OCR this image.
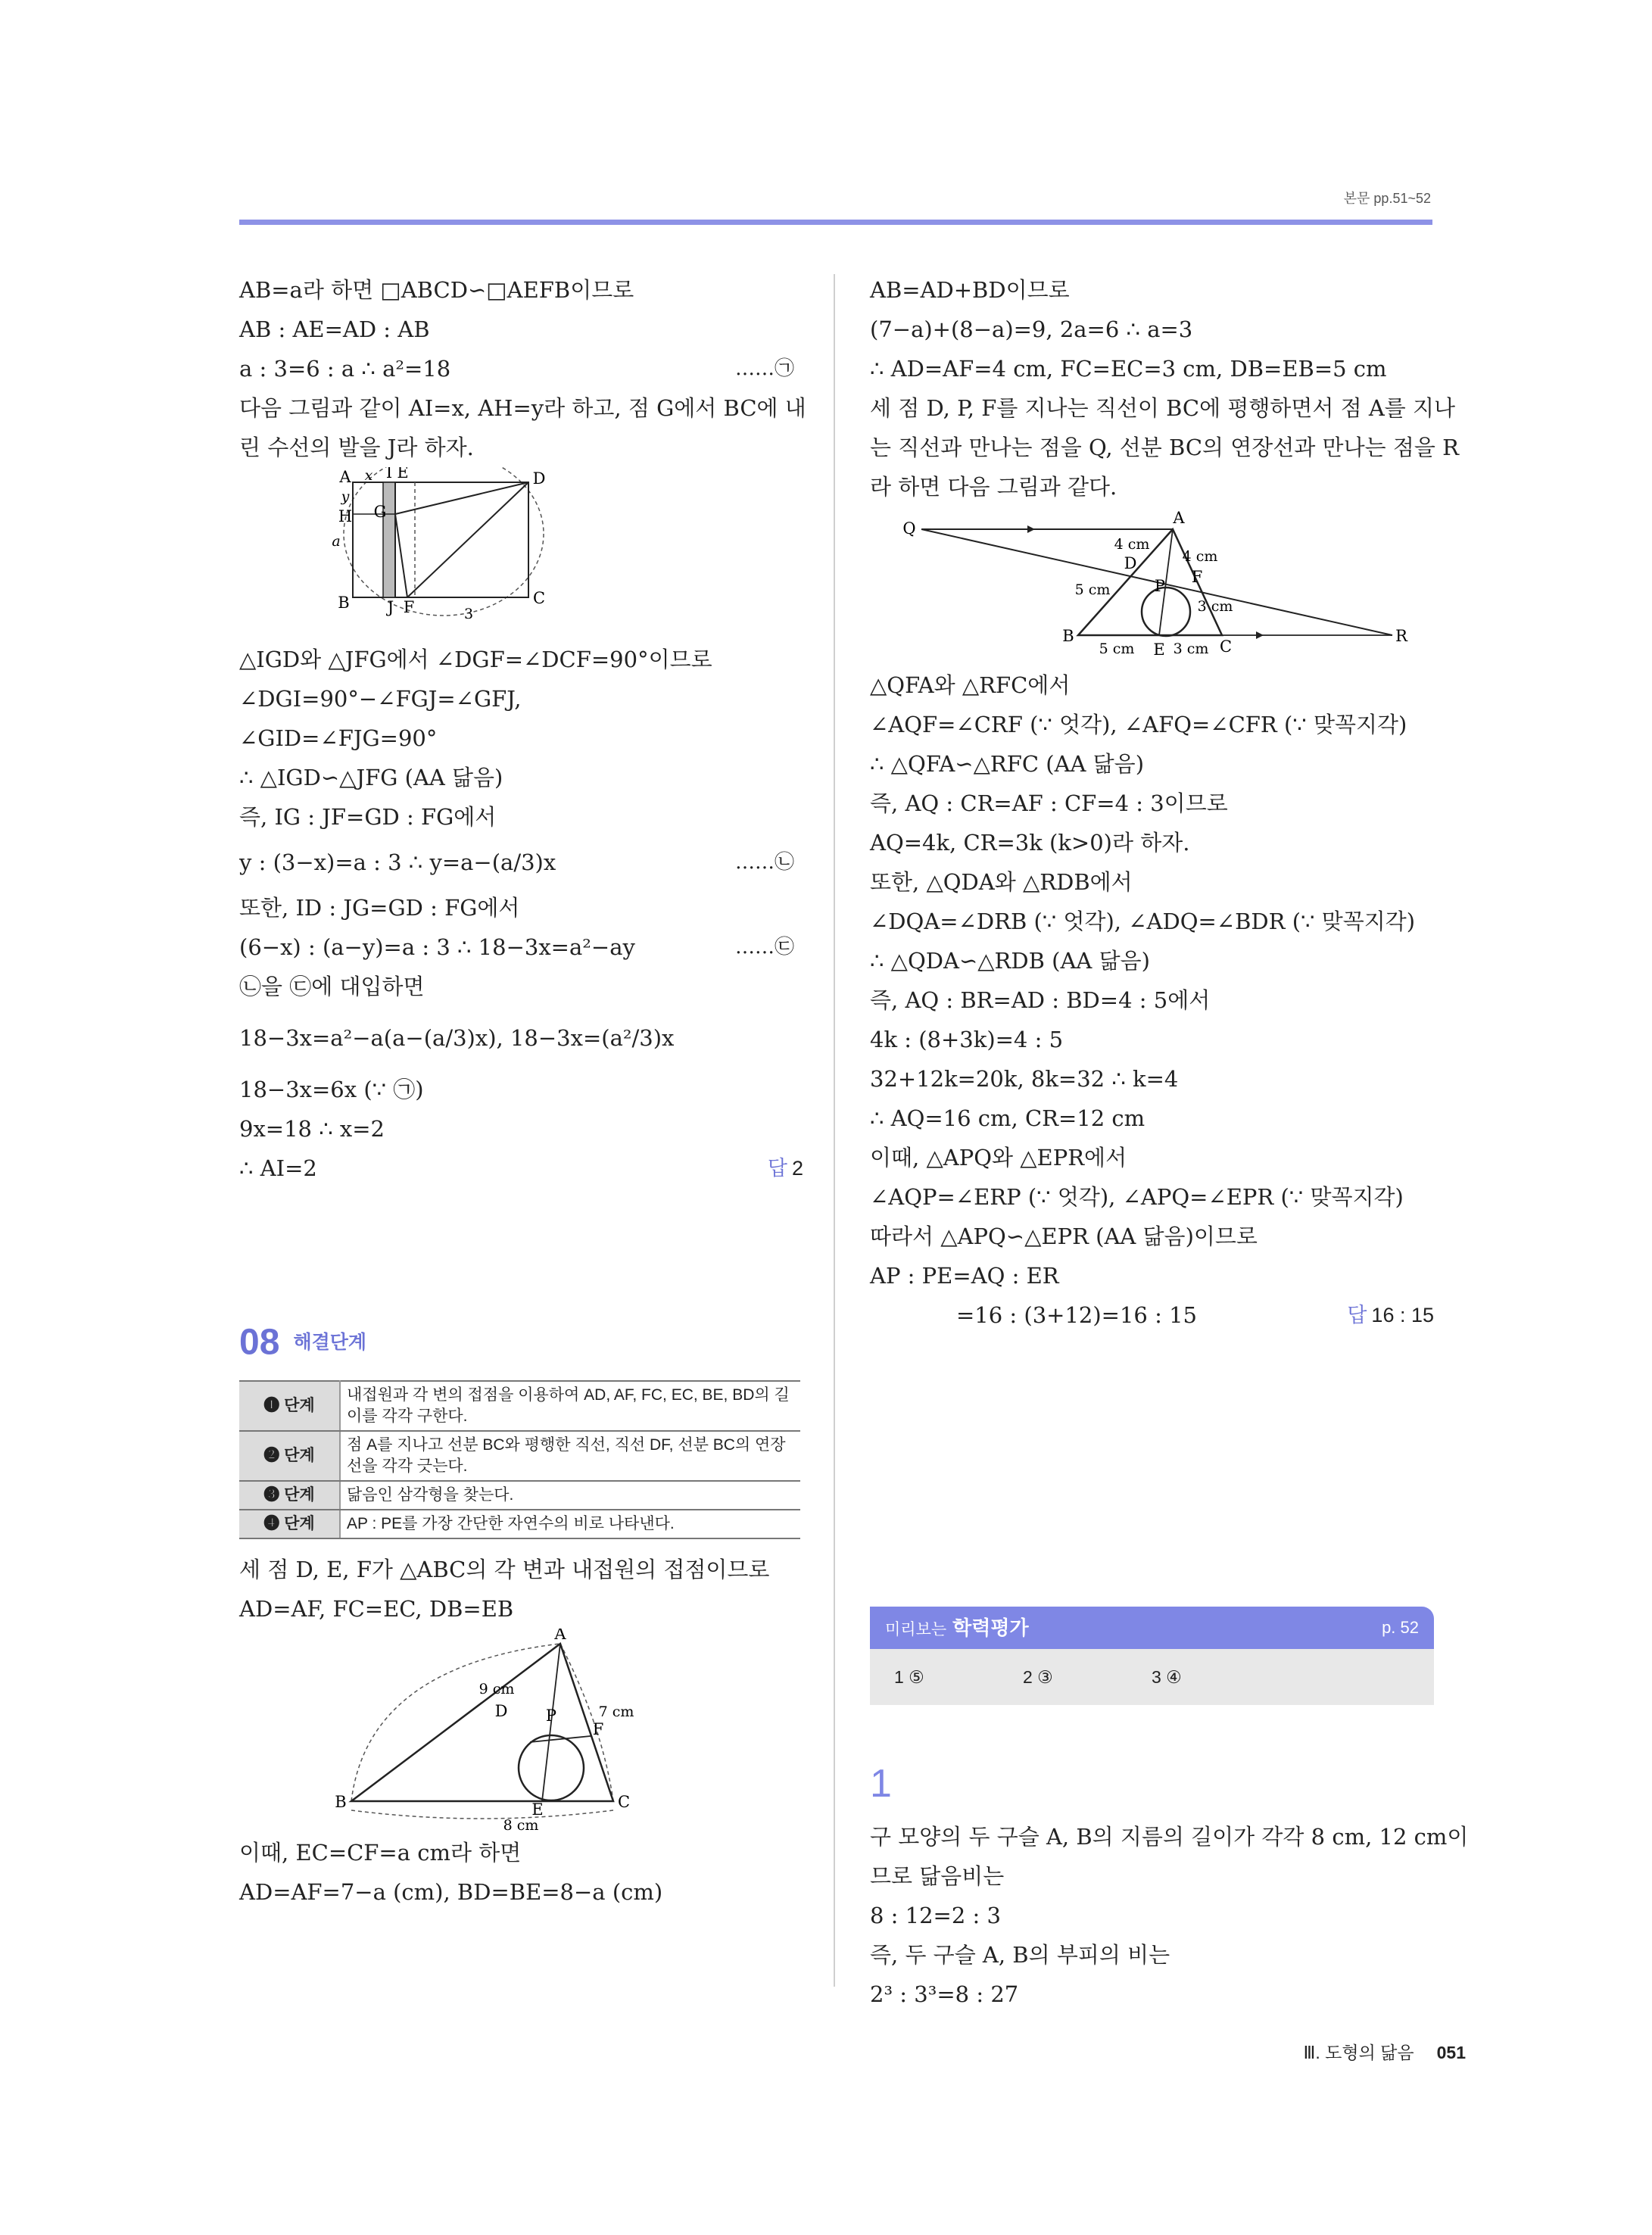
본문 pp.51~52
AB=a라 하면 □ABCD∽□AEFB이므로
AB : AE=AD : AB
a : 3=6 : a ∴ a²=18	……㉠
다음 그림과 같이 AI=x, AH=y라 하고, 점 G에서 BC에 내
린 수선의 발을 J라 하자.
A x I E	D
y
G
H
a
B J F	3
C
△IGD와 △JFG에서 ∠DGF=∠DCF=90°이므로
∠DGI=90°−∠FGJ=∠GFJ,
∠GID=∠FJG=90°
∴ △IGD∽△JFG (AA 닮음)
즉, IG : JF=GD : FG에서
y : (3−x)=a : 3 ∴ y=a−(a/3)x	……㉡
또한, ID : JG=GD : FG에서
(6−x) : (a−y)=a : 3 ∴ 18−3x=a²−ay	……㉢
㉡을 ㉢에 대입하면
18−3x=a²−a(a−(a/3)x), 18−3x=(a²/3)x
18−3x=6x (∵ ㉠)
9x=18 ∴ x=2
∴ AI=2	답 2
08 해결단계
❶ 단계	내접원과 각 변의 접점을 이용하여 AD, AF, FC, EC, BE, BD의 길이를 각각 구한다.
❷ 단계	점 A를 지나고 선분 BC와 평행한 직선, 직선 DF, 선분 BC의 연장선을 각각 긋는다.
❸ 단계	닮음인 삼각형을 찾는다.
❹ 단계	AP : PE를 가장 간단한 자연수의 비로 나타낸다.
세 점 D, E, F가 △ABC의 각 변과 내접원의 접점이므로
AD=AF, FC=EC, DB=EB
A
9 cm
D P	7 cm
F
B	E	C
8 cm
이때, EC=CF=a cm라 하면
AD=AF=7−a (cm), BD=BE=8−a (cm)
AB=AD+BD이므로
(7−a)+(8−a)=9, 2a=6 ∴ a=3
∴ AD=AF=4 cm, FC=EC=3 cm, DB=EB=5 cm
세 점 D, P, F를 지나는 직선이 BC에 평행하면서 점 A를 지나
는 직선과 만나는 점을 Q, 선분 BC의 연장선과 만나는 점을 R
라 하면 다음 그림과 같다.
Q
A
4 cm
4 cm
D
F
P
5 cm
3 cm
B
5 cm E 3 cm C
R
△QFA와 △RFC에서
∠AQF=∠CRF (∵ 엇각), ∠AFQ=∠CFR (∵ 맞꼭지각)
∴ △QFA∽△RFC (AA 닮음)
즉, AQ : CR=AF : CF=4 : 3이므로
AQ=4k, CR=3k (k>0)라 하자.
또한, △QDA와 △RDB에서
∠DQA=∠DRB (∵ 엇각), ∠ADQ=∠BDR (∵ 맞꼭지각)
∴ △QDA∽△RDB (AA 닮음)
즉, AQ : BR=AD : BD=4 : 5에서
4k : (8+3k)=4 : 5
32+12k=20k, 8k=32 ∴ k=4
∴ AQ=16 cm, CR=12 cm
이때, △APQ와 △EPR에서
∠AQP=∠ERP (∵ 엇각), ∠APQ=∠EPR (∵ 맞꼭지각)
따라서 △APQ∽△EPR (AA 닮음)이므로
AP : PE=AQ : ER
=16 : (3+12)=16 : 15	답 16 : 15
미리보는 학력평가	p. 52
1 ⑤	2 ③	3 ④
1
구 모양의 두 구슬 A, B의 지름의 길이가 각각 8 cm, 12 cm이
므로 닮음비는
8 : 12=2 : 3
즉, 두 구슬 A, B의 부피의 비는
2³ : 3³=8 : 27
Ⅲ. 도형의 닮음 051
